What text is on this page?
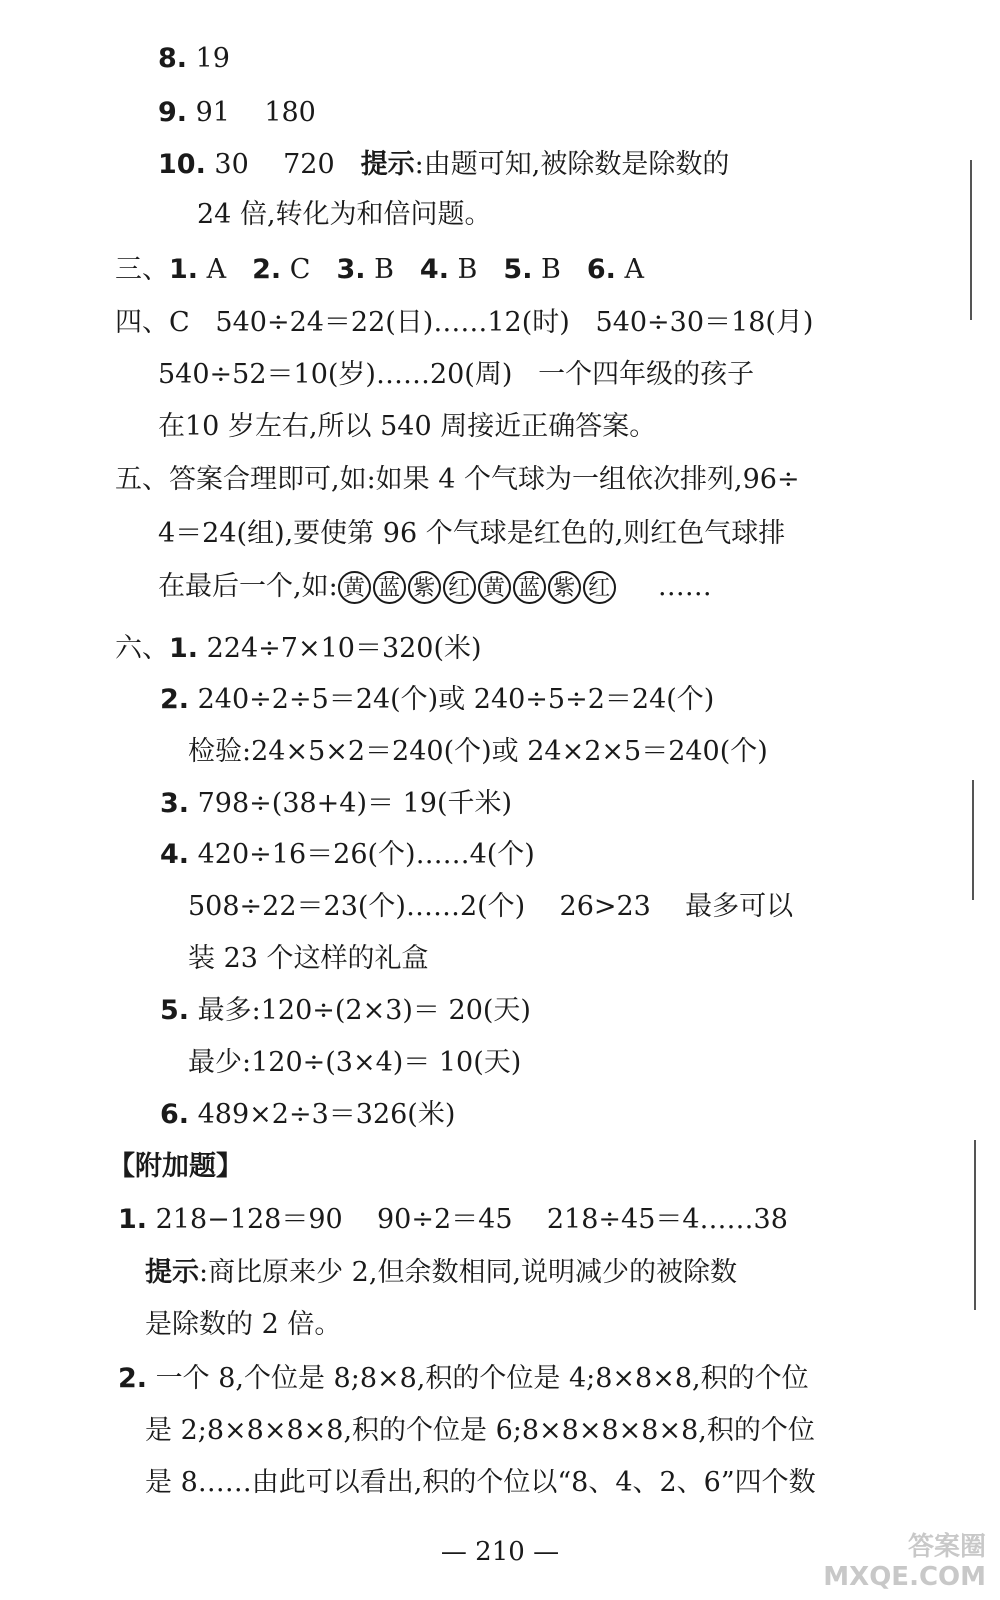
8. 19
9. 91    180
10. 30    720 提示:由题可知,被除数是除数的
24 倍,转化为和倍问题。
三、1. A 2. C 3. B 4. B 5. B 6. A
四、C   540÷24＝22(日)……12(时)   540÷30＝18(月)
540÷52＝10(岁)……20(周)   一个四年级的孩子
在10 岁左右,所以 540 周接近正确答案。
五、答案合理即可,如:如果 4 个气球为一组依次排列,96÷
4＝24(组),要使第 96 个气球是红色的,则红色气球排
在最后一个,如: 黄 蓝 紫 红 黄 蓝 紫 红 ……
六、1. 224÷7×10＝320(米)
2. 240÷2÷5＝24(个)或 240÷5÷2＝24(个)
检验:24×5×2＝240(个)或 24×2×5＝240(个)
3. 798÷(38+4)＝ 19(千米)
4. 420÷16＝26(个)……4(个)
508÷22＝23(个)……2(个)    26>23    最多可以
装 23 个这样的礼盒
5. 最多:120÷(2×3)＝ 20(天)
最少:120÷(3×4)＝ 10(天)
6. 489×2÷3＝326(米)
【附加题】
1. 218−128＝90    90÷2＝45    218÷45＝4……38
提示:商比原来少 2,但余数相同,说明减少的被除数
是除数的 2 倍。
2. 一个 8,个位是 8;8×8,积的个位是 4;8×8×8,积的个位
是 2;8×8×8×8,积的个位是 6;8×8×8×8×8,积的个位
是 8……由此可以看出,积的个位以“8、4、2、6”四个数
— 210 —	答案圈
MXQE.COM
